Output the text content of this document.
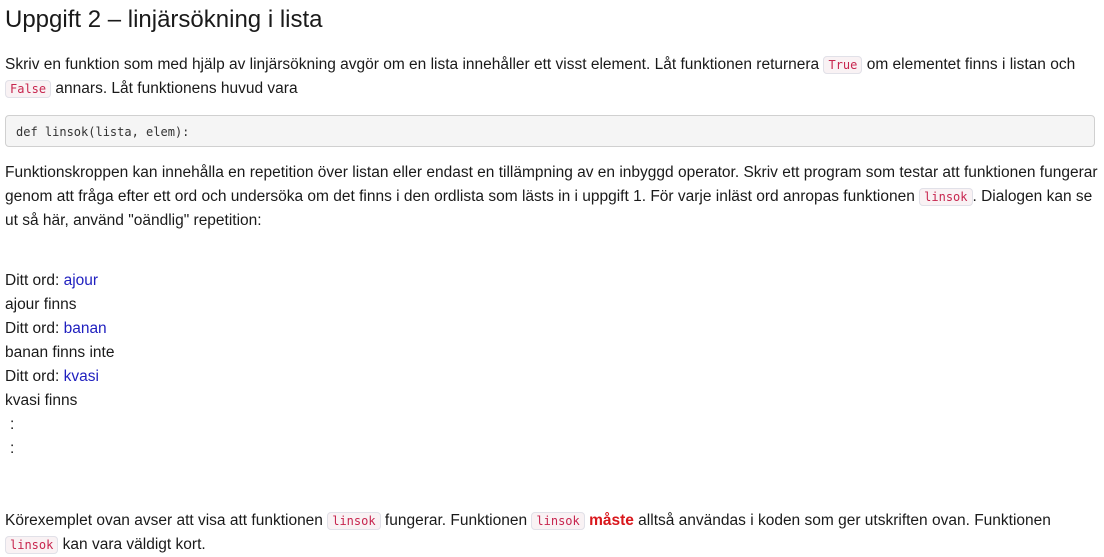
Uppgift 2 – linjärsökning i lista

Skriv en funktion som med hjälp av linjärsökning avgör om en lista innehåller ett visst element. Låt funktionen returnera True om elementet finns i listan och False annars. Låt funktionens huvud vara

def linsok(lista, elem):

Funktionskroppen kan innehålla en repetition över listan eller endast en tillämpning av en inbyggd operator. Skriv ett program som testar att funktionen fungerar genom att fråga efter ett ord och undersöka om det finns i den ordlista som lästs in i uppgift 1. För varje inläst ord anropas funktionen linsok . Dialogen kan se ut så här, använd "oändlig" repetition:

Ditt ord: ajour
ajour finns
Ditt ord: banan
banan finns inte
Ditt ord: kvasi
kvasi finns
:
:

Körexemplet ovan avser att visa att funktionen linsok fungerar. Funktionen linsok måste alltså användas i koden som ger utskriften ovan. Funktionen linsok kan vara väldigt kort.
